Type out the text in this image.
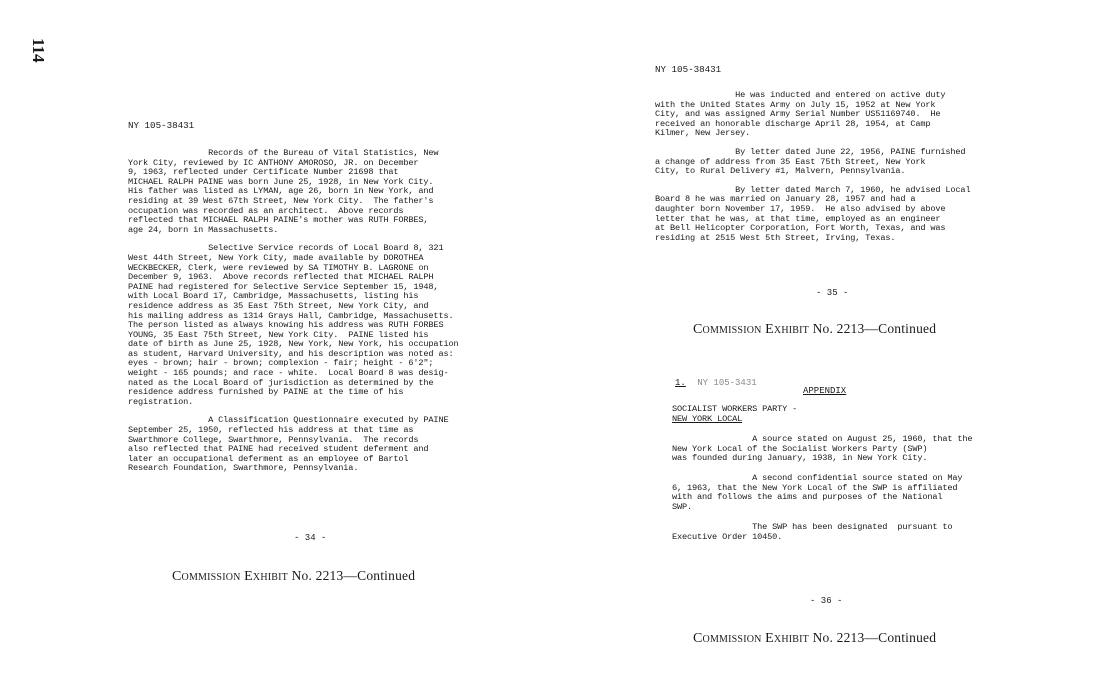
114

NY 105-38431

Records of the Bureau of Vital Statistics, New
York City, reviewed by IC ANTHONY AMOROSO, JR. on December
9, 1963, reflected under Certificate Number 21698 that
MICHAEL RALPH PAINE was born June 25, 1928, in New York City.
His father was listed as LYMAN, age 26, born in New York, and
residing at 39 West 67th Street, New York City.  The father's
occupation was recorded as an architect.  Above records
reflected that MICHAEL RALPH PAINE's mother was RUTH FORBES,
age 24, born in Massachusetts.

Selective Service records of Local Board 8, 321
West 44th Street, New York City, made available by DOROTHEA
WECKBECKER, Clerk, were reviewed by SA TIMOTHY B. LAGRONE on
December 9, 1963.  Above records reflected that MICHAEL RALPH
PAINE had registered for Selective Service September 15, 1948,
with Local Board 17, Cambridge, Massachusetts, listing his
residence address as 35 East 75th Street, New York City, and
his mailing address as 1314 Grays Hall, Cambridge, Massachusetts.
The person listed as always knowing his address was RUTH FORBES
YOUNG, 35 East 75th Street, New York City.  PAINE listed his
date of birth as June 25, 1928, New York, New York, his occupation
as student, Harvard University, and his description was noted as:
eyes - brown; hair - brown; complexion - fair; height - 6'2";
weight - 165 pounds; and race - white.  Local Board 8 was desig-
nated as the Local Board of jurisdiction as determined by the
residence address furnished by PAINE at the time of his
registration.

A Classification Questionnaire executed by PAINE
September 25, 1950, reflected his address at that time as
Swarthmore College, Swarthmore, Pennsylvania.  The records
also reflected that PAINE had received student deferment and
later an occupational deferment as an employee of Bartol
Research Foundation, Swarthmore, Pennsylvania.

- 34 -
Commission Exhibit No. 2213—Continued

NY 105-38431

He was inducted and entered on active duty
with the United States Army on July 15, 1952 at New York
City, and was assigned Army Serial Number US51169740.  He
received an honorable discharge April 28, 1954, at Camp
Kilmer, New Jersey.

By letter dated June 22, 1956, PAINE furnished
a change of address from 35 East 75th Street, New York
City, to Rural Delivery #1, Malvern, Pennsylvania.

By letter dated March 7, 1960, he advised Local
Board 8 he was married on January 28, 1957 and had a
daughter born November 17, 1959.  He also advised by above
letter that he was, at that time, employed as an engineer
at Bell Helicopter Corporation, Fort Worth, Texas, and was
residing at 2515 West 5th Street, Irving, Texas.

- 35 -
Commission Exhibit No. 2213—Continued
1. NY 105-3431
APPENDIX

SOCIALIST WORKERS PARTY -

NEW YORK LOCAL

A source stated on August 25, 1960, that the
New York Local of the Socialist Workers Party (SWP)
was founded during January, 1938, in New York City.

A second confidential source stated on May
6, 1963, that the New York Local of the SWP is affiliated
with and follows the aims and purposes of the National
SWP.

The SWP has been designated  pursuant to
Executive Order 10450.

- 36 -
Commission Exhibit No. 2213—Continued
